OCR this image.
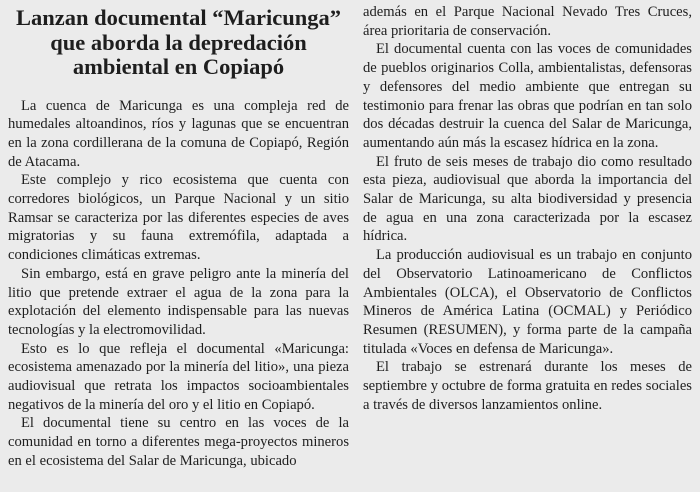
Lanzan documental “Maricunga”
que aborda la depredación
ambiental en Copiapó

La cuenca de Maricunga es una compleja red de humedales altoandinos, ríos y lagunas que se encuentran en la zona cordillerana de la comuna de Copiapó, Región de Atacama.

Este complejo y rico ecosistema que cuenta con corredores biológicos, un Parque Nacional y un sitio Ramsar se caracteriza por las diferentes especies de aves migratorias y su fauna extremófila, adaptada a condiciones climáticas extremas.

Sin embargo, está en grave peligro ante la minería del litio que pretende extraer el agua de la zona para la explotación del elemento indispensable para las nuevas tecnologías y la electromovilidad.

Esto es lo que refleja el documental «Maricunga: ecosistema amenazado por la minería del litio», una pieza audiovisual que retrata los impactos socioambientales negativos de la minería del oro y el litio en Copiapó.

El documental tiene su centro en las voces de la comunidad en torno a diferentes mega-proyectos mineros en el ecosistema del Salar de Maricunga, ubicado

además en el Parque Nacional Nevado Tres Cruces, área prioritaria de conservación.

El documental cuenta con las voces de comunidades de pueblos originarios Colla, ambientalistas, defensoras y defensores del medio ambiente que entregan su testimonio para frenar las obras que podrían en tan solo dos décadas destruir la cuenca del Salar de Maricunga, aumentando aún más la escasez hídrica en la zona.

El fruto de seis meses de trabajo dio como resultado esta pieza, audiovisual que aborda la importancia del Salar de Maricunga, su alta biodiversidad y presencia de agua en una zona caracterizada por la escasez hídrica.

La producción audiovisual es un trabajo en conjunto del Observatorio Latinoamericano de Conflictos Ambientales (OLCA), el Observatorio de Conflictos Mineros de América Latina (OCMAL) y Periódico Resumen (RESUMEN), y forma parte de la campaña titulada «Voces en defensa de Maricunga».

El trabajo se estrenará durante los meses de septiembre y octubre de forma gratuita en redes sociales a través de diversos lanzamientos online.
